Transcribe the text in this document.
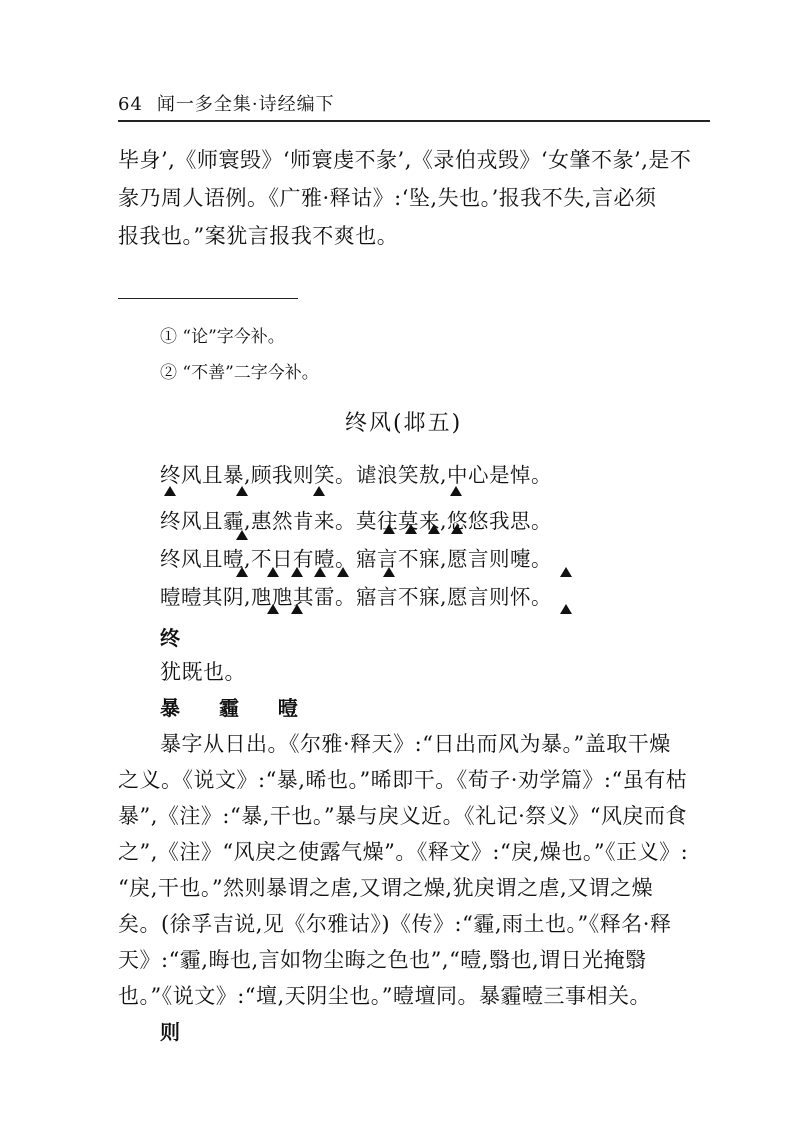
64 闻一多全集·诗经编下
毕身’,《师寰毁》‘师寰虔不彖’,《录伯戎毁》‘女肇不彖’,是不
彖乃周人语例。《广雅·释诂》:‘坠,失也。’报我不失,言必须
报我也。”案犹言报我不爽也。
① “论”字今补。
② “不善”二字今补。
终风(邶五)
终风且暴,顾我则笑。谑浪笑敖,中心是悼。
终风且霾,惠然肯来。莫往莫来,悠悠我思。
终风且曀,不日有曀。寤言不寐,愿言则嚏。
曀曀其阴,虺虺其雷。寤言不寐,愿言则怀。
终
犹既也。
暴 霾 曀
暴字从日出。《尔雅·释天》:“日出而风为暴。”盖取干燥
之义。《说文》:“暴,晞也。”晞即干。《荀子·劝学篇》:“虽有枯
暴”,《注》:“暴,干也。”暴与戾义近。《礼记·祭义》“风戾而食
之”,《注》“风戾之使露气燥”。《释文》:“戾,燥也。”《正义》:
“戾,干也。”然则暴谓之虐,又谓之燥,犹戾谓之虐,又谓之燥
矣。(徐孚吉说,见《尔雅诂》)《传》:“霾,雨土也。”《释名·释
天》:“霾,晦也,言如物尘晦之色也”,“曀,翳也,谓日光掩翳
也。”《说文》:“壇,天阴尘也。”曀壇同。暴霾曀三事相关。
则
